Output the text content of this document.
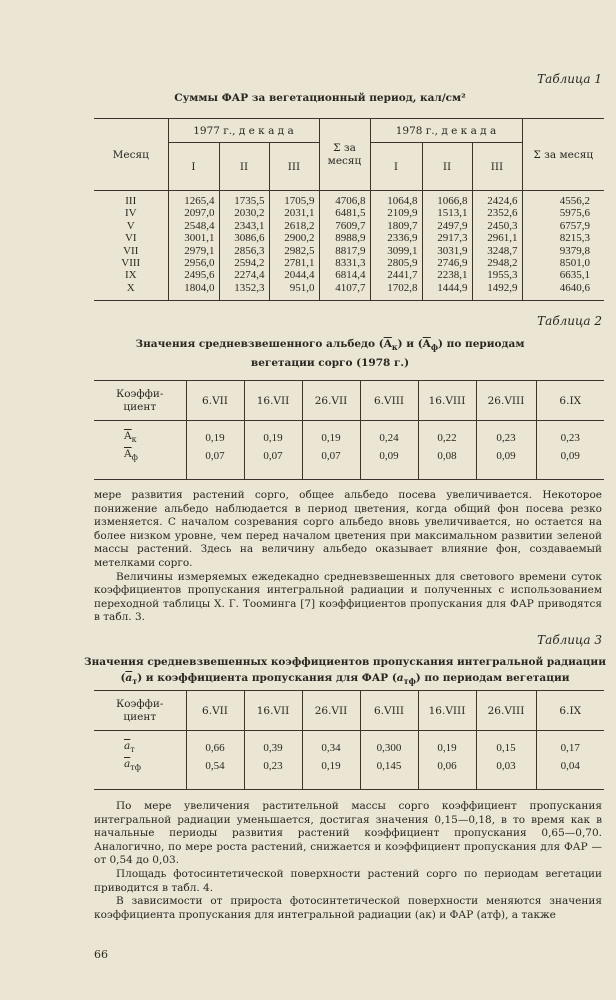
Таблица 1
Суммы ФАР за вегетационный период, кал/см²
Месяц	1977 г., д е к а д а			Σ за месяц	1978 г., д е к а д а			Σ за месяц
	I	II	III		I	II	III	
III	1265,4	1735,5	1705,9	4706,8	1064,8	1066,8	2424,6	4556,2
IV	2097,0	2030,2	2031,1	6481,5	2109,9	1513,1	2352,6	5975,6
V	2548,4	2343,1	2618,2	7609,7	1809,7	2497,9	2450,3	6757,9
VI	3001,1	3086,6	2900,2	8988,9	2336,9	2917,3	2961,1	8215,3
VII	2979,1	2856,3	2982,5	8817,9	3099,1	3031,9	3248,7	9379,8
VIII	2956,0	2594,2	2781,1	8331,3	2805,9	2746,9	2948,2	8501,0
IX	2495,6	2274,4	2044,4	6814,4	2441,7	2238,1	1955,3	6635,1
X	1804,0	1352,3	951,0	4107,7	1702,8	1444,9	1492,9	4640,6
Таблица 2
Значения средневзвешенного альбедо $(\overline{A}_к)$ и $(\overline{A}_ф)$ по периодам
вегетации сорго (1978 г.)
Коэффи-
циент	6.VII	16.VII	26.VII	6.VIII	16.VIII	26.VIII	6.IX
$\overline{A}_к$	0,19	0,19	0,19	0,24	0,22	0,23	0,23
$\overline{A}_ф$	0,07	0,07	0,07	0,09	0,08	0,09	0,09

мере развития растений сорго, общее альбедо посева увеличивается. Некоторое понижение альбедо наблюдается в период цветения, когда общий фон посева резко изменяется. С началом созревания сорго альбедо вновь увеличивается, но остается на более низком уровне, чем перед началом цветения при максимальном развитии зеленой массы растений. Здесь на величину альбедо оказывает влияние фон, создаваемый метелками сорго.

Величины измеряемых ежедекадно средневзвешенных для светового времени суток коэффициентов пропускания интегральной радиации и полученных с использованием переходной таблицы Х. Г. Тооминга [7] коэффициентов пропускания для ФАР приводятся в табл. 3.

Таблица 3
Значения средневзвешенных коэффициентов пропускания интегральной радиации
$(\overline{a}_т)$ и коэффициента пропускания для ФАР $(a_{тф})$ по периодам вегетации
Коэффи-
циент	6.VII	16.VII	26.VII	6.VIII	16.VIII	26.VIII	6.IX
$\overline{a}_т$	0,66	0,39	0,34	0,300	0,19	0,15	0,17
$\overline{a}_{тф}$	0,54	0,23	0,19	0,145	0,06	0,03	0,04

По мере увеличения растительной массы сорго коэффициент пропускания интегральной радиации уменьшается, достигая значения 0,15—0,18, в то время как в начальные периоды развития растений коэффициент пропускания 0,65—0,70. Аналогично, по мере роста растений, снижается и коэффициент пропускания для ФАР — от 0,54 до 0,03.

Площадь фотосинтетической поверхности растений сорго по периодам вегетации приводится в табл. 4.

В зависимости от прироста фотосинтетической поверхности меняются значения коэффициента пропускания для интегральной радиации (aк) и ФАР (aтф), а также

66
